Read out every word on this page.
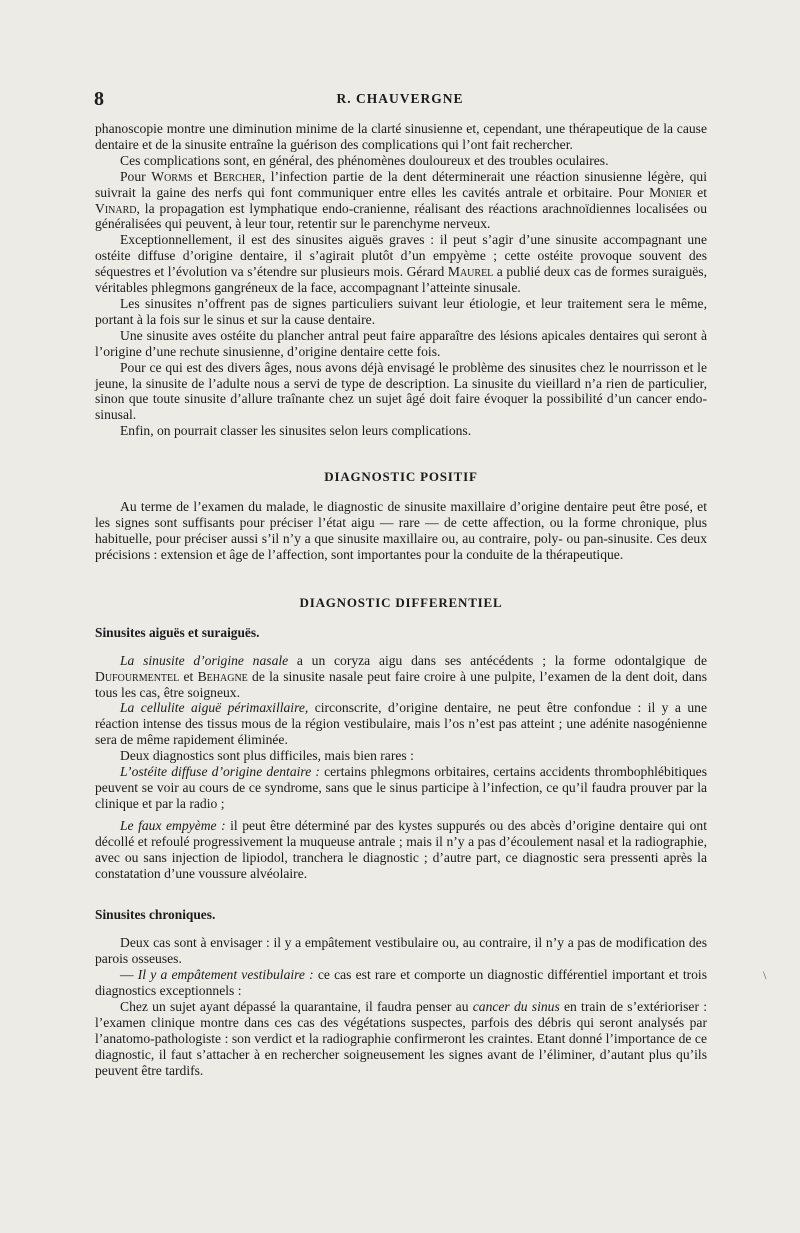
8	R. CHAUVERGNE

phanoscopie montre une diminution minime de la clarté sinusienne et, cependant, une thérapeutique de la cause dentaire et de la sinusite entraîne la guérison des complications qui l’ont fait rechercher.

Ces complications sont, en général, des phénomènes douloureux et des troubles oculaires.

Pour Worms et Bercher, l’infection partie de la dent déterminerait une réaction sinusienne légère, qui suivrait la gaine des nerfs qui font communiquer entre elles les cavités antrale et orbitaire. Pour Monier et Vinard, la propagation est lymphatique endo-cranienne, réalisant des réactions arachnoïdiennes localisées ou généralisées qui peuvent, à leur tour, retentir sur le parenchyme nerveux.

Exceptionnellement, il est des sinusites aiguës graves : il peut s’agir d’une sinusite accompagnant une ostéite diffuse d’origine dentaire, il s’agirait plutôt d’un empyème ; cette ostéite provoque souvent des séquestres et l’évolution va s’étendre sur plusieurs mois. Gérard Maurel a publié deux cas de formes suraiguës, véritables phlegmons gangréneux de la face, accompagnant l’atteinte sinusale.

Les sinusites n’offrent pas de signes particuliers suivant leur étiologie, et leur traitement sera le même, portant à la fois sur le sinus et sur la cause dentaire.

Une sinusite aves ostéite du plancher antral peut faire apparaître des lésions apicales dentaires qui seront à l’origine d’une rechute sinusienne, d’origine dentaire cette fois.

Pour ce qui est des divers âges, nous avons déjà envisagé le problème des sinusites chez le nourrisson et le jeune, la sinusite de l’adulte nous a servi de type de description. La sinusite du vieillard n’a rien de particulier, sinon que toute sinusite d’allure traînante chez un sujet âgé doit faire évoquer la possibilité d’un cancer endo-sinusal.

Enfin, on pourrait classer les sinusites selon leurs complications.

DIAGNOSTIC POSITIF

Au terme de l’examen du malade, le diagnostic de sinusite maxillaire d’origine dentaire peut être posé, et les signes sont suffisants pour préciser l’état aigu — rare — de cette affection, ou la forme chronique, plus habituelle, pour préciser aussi s’il n’y a que sinusite maxillaire ou, au contraire, poly- ou pan-sinusite. Ces deux précisions : extension et âge de l’affection, sont importantes pour la conduite de la thérapeutique.

DIAGNOSTIC DIFFERENTIEL
Sinusites aiguës et suraiguës.

La sinusite d’origine nasale a un coryza aigu dans ses antécédents ; la forme odontalgique de Dufourmentel et Behagne de la sinusite nasale peut faire croire à une pulpite, l’examen de la dent doit, dans tous les cas, être soigneux.

La cellulite aiguë périmaxillaire, circonscrite, d’origine dentaire, ne peut être confondue : il y a une réaction intense des tissus mous de la région vestibulaire, mais l’os n’est pas atteint ; une adénite nasogénienne sera de même rapidement éliminée.

Deux diagnostics sont plus difficiles, mais bien rares :

L’ostéite diffuse d’origine dentaire : certains phlegmons orbitaires, certains accidents thrombophlébitiques peuvent se voir au cours de ce syndrome, sans que le sinus participe à l’infection, ce qu’il faudra prouver par la clinique et par la radio ;

Le faux empyème : il peut être déterminé par des kystes suppurés ou des abcès d’origine dentaire qui ont décollé et refoulé progressivement la muqueuse antrale ; mais il n’y a pas d’écoulement nasal et la radiographie, avec ou sans injection de lipiodol, tranchera le diagnostic ; d’autre part, ce diagnostic sera pressenti après la constatation d’une voussure alvéolaire.

Sinusites chroniques.

Deux cas sont à envisager : il y a empâtement vestibulaire ou, au contraire, il n’y a pas de modification des parois osseuses.

— Il y a empâtement vestibulaire : ce cas est rare et comporte un diagnostic différentiel important et trois diagnostics exceptionnels :

Chez un sujet ayant dépassé la quarantaine, il faudra penser au cancer du sinus en train de s’extérioriser : l’examen clinique montre dans ces cas des végétations suspectes, parfois des débris qui seront analysés par l’anatomo-pathologiste : son verdict et la radiographie confirmeront les craintes. Etant donné l’importance de ce diagnostic, il faut s’attacher à en rechercher soigneusement les signes avant de l’éliminer, d’autant plus qu’ils peuvent être tardifs.

\
